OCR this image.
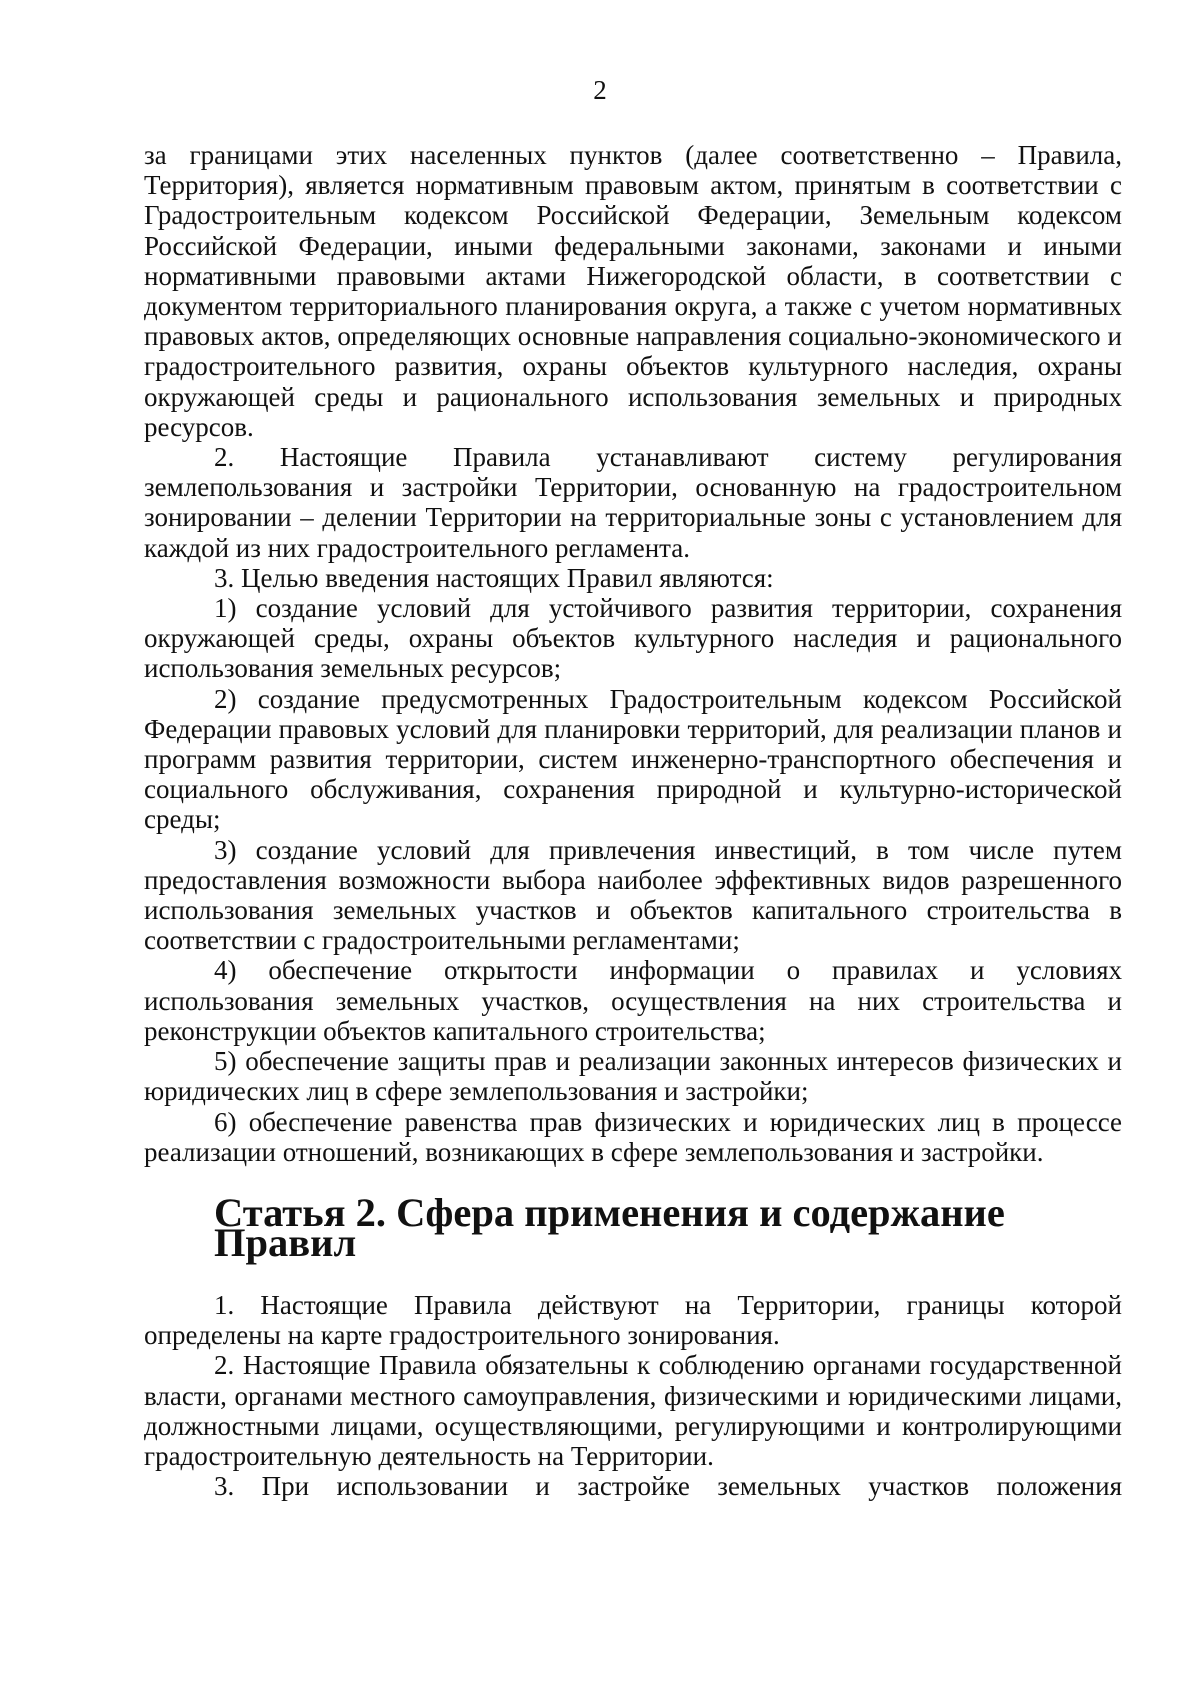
2

за границами этих населенных пунктов (далее соответственно – Правила, Территория), является нормативным правовым актом, принятым в соответствии с Градостроительным кодексом Российской Федерации, Земельным кодексом Российской Федерации, иными федеральными законами, законами и иными нормативными правовыми актами Нижегородской области, в соответствии с документом территориального планирования округа, а также с учетом нормативных правовых актов, определяющих основные направления социально-экономического и градостроительного развития, охраны объектов культурного наследия, охраны окружающей среды и рационального использования земельных и природных ресурсов.

2. Настоящие Правила устанавливают систему регулирования землепользования и застройки Территории, основанную на градостроительном зонировании – делении Территории на территориальные зоны с установлением для каждой из них градостроительного регламента.

3. Целью введения настоящих Правил являются:

1) создание условий для устойчивого развития территории, сохранения окружающей среды, охраны объектов культурного наследия и рационального использования земельных ресурсов;

2) создание предусмотренных Градостроительным кодексом Российской Федерации правовых условий для планировки территорий, для реализации планов и программ развития территории, систем инженерно-транспортного обеспечения и социального обслуживания, сохранения природной и культурно-исторической среды;

3) создание условий для привлечения инвестиций, в том числе путем предоставления возможности выбора наиболее эффективных видов разрешенного использования земельных участков и объектов капитального строительства в соответствии с градостроительными регламентами;

4) обеспечение открытости информации о правилах и условиях использования земельных участков, осуществления на них строительства и реконструкции объектов капитального строительства;

5) обеспечение защиты прав и реализации законных интересов физических и юридических лиц в сфере землепользования и застройки;

6) обеспечение равенства прав физических и юридических лиц в процессе реализации отношений, возникающих в сфере землепользования и застройки.

Статья 2. Сфера применения и содержание Правил

1. Настоящие Правила действуют на Территории, границы которой определены на карте градостроительного зонирования.

2. Настоящие Правила обязательны к соблюдению органами государственной власти, органами местного самоуправления, физическими и юридическими лицами, должностными лицами, осуществляющими, регулирующими и контролирующими градостроительную деятельность на Территории.

3. При использовании и застройке земельных участков положения
